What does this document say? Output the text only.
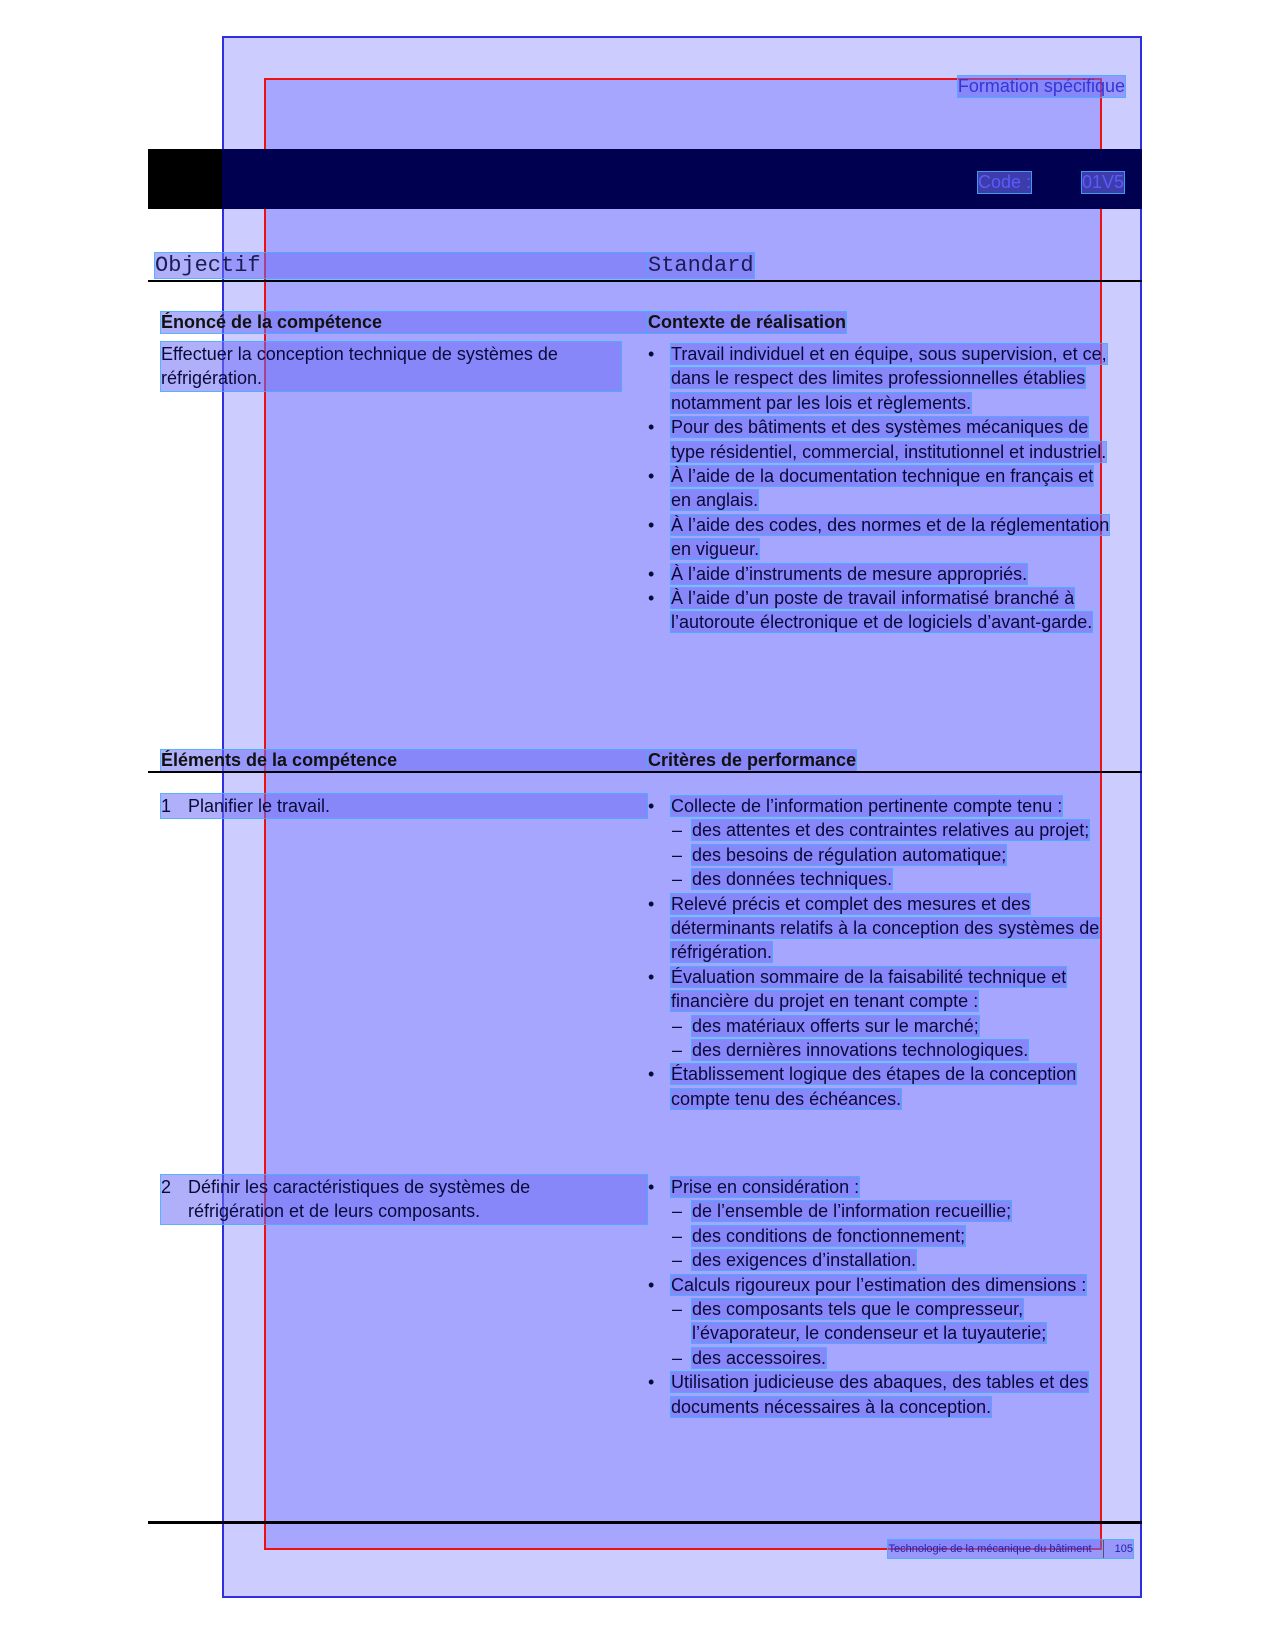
Formation spécifique
Code :	01V5
Objectif	Standard
Énoncé de la compétence	Contexte de réalisation
Effectuer la conception technique de systèmes de réfrigération.
• Travail individuel et en équipe, sous supervision, et ce, dans le respect des limites professionnelles établies notamment par les lois et règlements.
• Pour des bâtiments et des systèmes mécaniques de type résidentiel, commercial, institutionnel et industriel.
• À l’aide de la documentation technique en français et en anglais.
• À l’aide des codes, des normes et de la réglementation en vigueur.
• À l’aide d’instruments de mesure appropriés.
• À l’aide d’un poste de travail informatisé branché à l’autoroute électronique et de logiciels d’avant-garde.
Éléments de la compétence	Critères de performance
1 Planifier le travail.
•	Collecte de l’information pertinente compte tenu :
– des attentes et des contraintes relatives au projet;
– des besoins de régulation automatique;
– des données techniques.
• Relevé précis et complet des mesures et des déterminants relatifs à la conception des systèmes de réfrigération.
• Évaluation sommaire de la faisabilité technique et financière du projet en tenant compte :
– des matériaux offerts sur le marché;
– des dernières innovations technologiques.
• Établissement logique des étapes de la conception compte tenu des échéances.
2 Définir les caractéristiques de systèmes de réfrigération et de leurs composants.
• Prise en considération :
– de l’ensemble de l’information recueillie;
– des conditions de fonctionnement;
– des exigences d’installation.
• Calculs rigoureux pour l’estimation des dimensions :
– des composants tels que le compresseur, l’évaporateur, le condenseur et la tuyauterie;
– des accessoires.
• Utilisation judicieuse des abaques, des tables et des documents nécessaires à la conception.
Technologie de la mécanique du bâtiment 105
